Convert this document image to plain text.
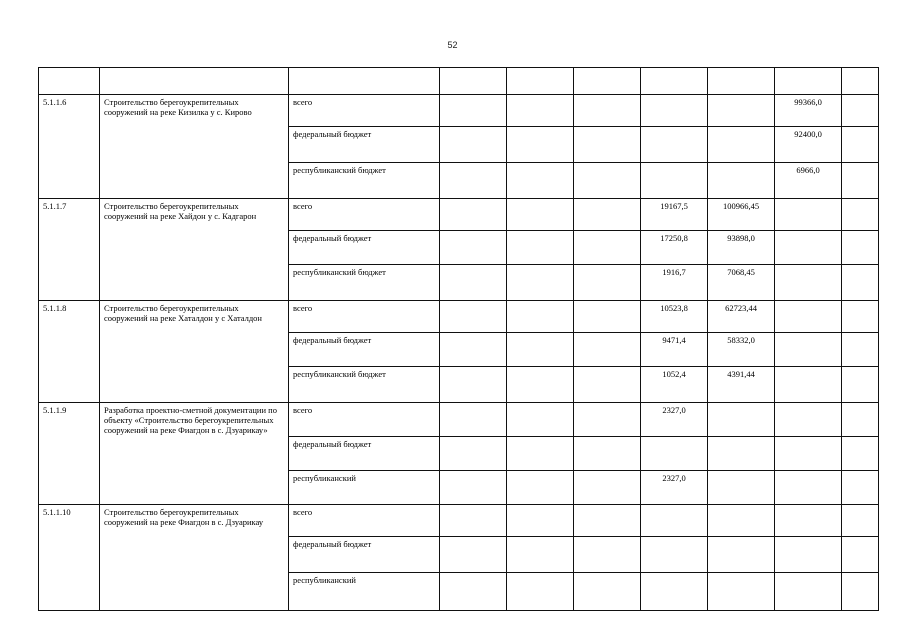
52

5.1.1.6	Строительство берегоукрепительных сооружений на реке Кизилка у с. Кирово	всего						99366,0	
		федеральный бюджет						92400,0	
		республиканский бюджет						6966,0	
5.1.1.7	Строительство берегоукрепительных сооружений на реке Хайдон у с. Кадгарон	всего				19167,5	100966,45		
		федеральный бюджет				17250,8	93898,0		
		республиканский бюджет				1916,7	7068,45		
5.1.1.8	Строительство берегоукрепительных сооружений на реке Хаталдон у с Хаталдон	всего				10523,8	62723,44		
		федеральный бюджет				9471,4	58332,0		
		республиканский бюджет				1052,4	4391,44		
5.1.1.9	Разработка проектно-сметной документации по объекту «Строительство берегоукрепительных сооружений на реке Фиагдон в с. Дзуарикау»	всего				2327,0			
		федеральный бюджет							
		республиканский				2327,0			
5.1.1.10	Строительство берегоукрепительных сооружений на реке Фиагдон в с. Дзуарикау	всего							
		федеральный бюджет							
		республиканский							
